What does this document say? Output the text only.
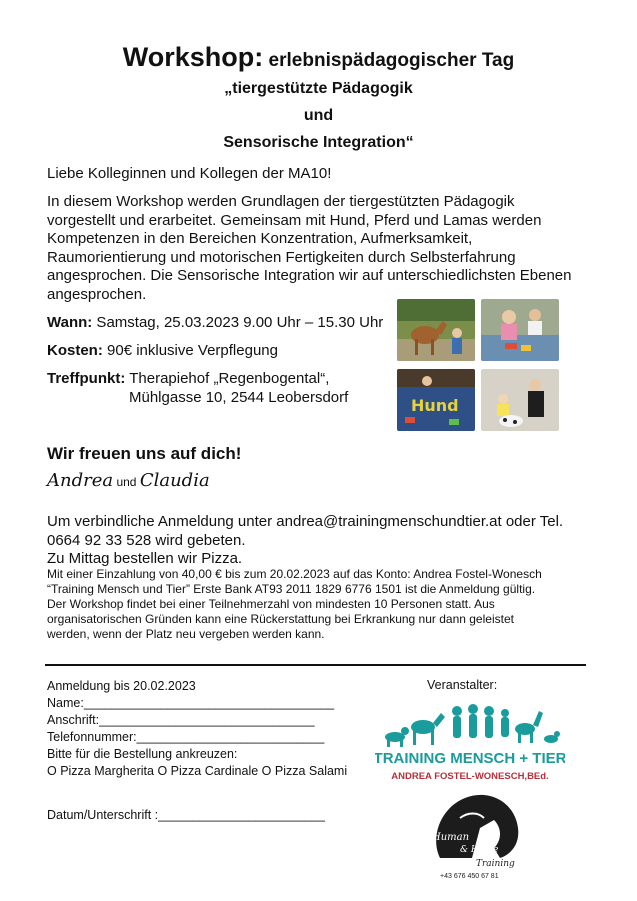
Workshop: erlebnispädagogischer Tag
„tiergestützte Pädagogik
und
Sensorische Integration“
Liebe Kolleginnen und Kollegen der MA10!
In diesem Workshop werden Grundlagen der tiergestützten Pädagogik
vorgestellt und erarbeitet. Gemeinsam mit Hund, Pferd und Lamas werden
Kompetenzen in den Bereichen Konzentration, Aufmerksamkeit,
Raumorientierung und motorischen Fertigkeiten durch Selbsterfahrung
angesprochen. Die Sensorische Integration wir auf unterschiedlichsten Ebenen
angesprochen.
Wann: Samstag, 25.03.2023 9.00 Uhr – 15.30 Uhr
Kosten: 90€ inklusive Verpflegung
Treffpunkt: Therapiehof „Regenbogental“,
Mühlgasse 10, 2544 Leobersdorf	Hund
Wir freuen uns auf dich!
Andrea und Claudia
Um verbindliche Anmeldung unter andrea@trainingmenschundtier.at oder Tel.
0664 92 33 528 wird gebeten.
Zu Mittag bestellen wir Pizza.
Mit einer Einzahlung von 40,00 € bis zum 20.02.2023 auf das Konto: Andrea Fostel-Wonesch
“Training Mensch und Tier” Erste Bank AT93 2011 1829 6776 1501 ist die Anmeldung gültig.
Der Workshop findet bei einer Teilnehmerzahl von mindesten 10 Personen statt. Aus
organisatorischen Gründen kann eine Rückerstattung bei Erkrankung nur dann geleistet
werden, wenn der Platz neu vergeben werden kann.
Anmeldung bis 20.02.2023
Name:____________________________________
Anschrift:_______________________________
Telefonnummer:___________________________
Bitte für die Bestellung ankreuzen:
O Pizza Margherita O Pizza Cardinale O Pizza Salami
Datum/Unterschrift :________________________
Veranstalter:
TRAINING MENSCH + TIER
ANDREA FOSTEL-WONESCH,BEd.
Human
& Horse
Training
+43 676 450 67 81
